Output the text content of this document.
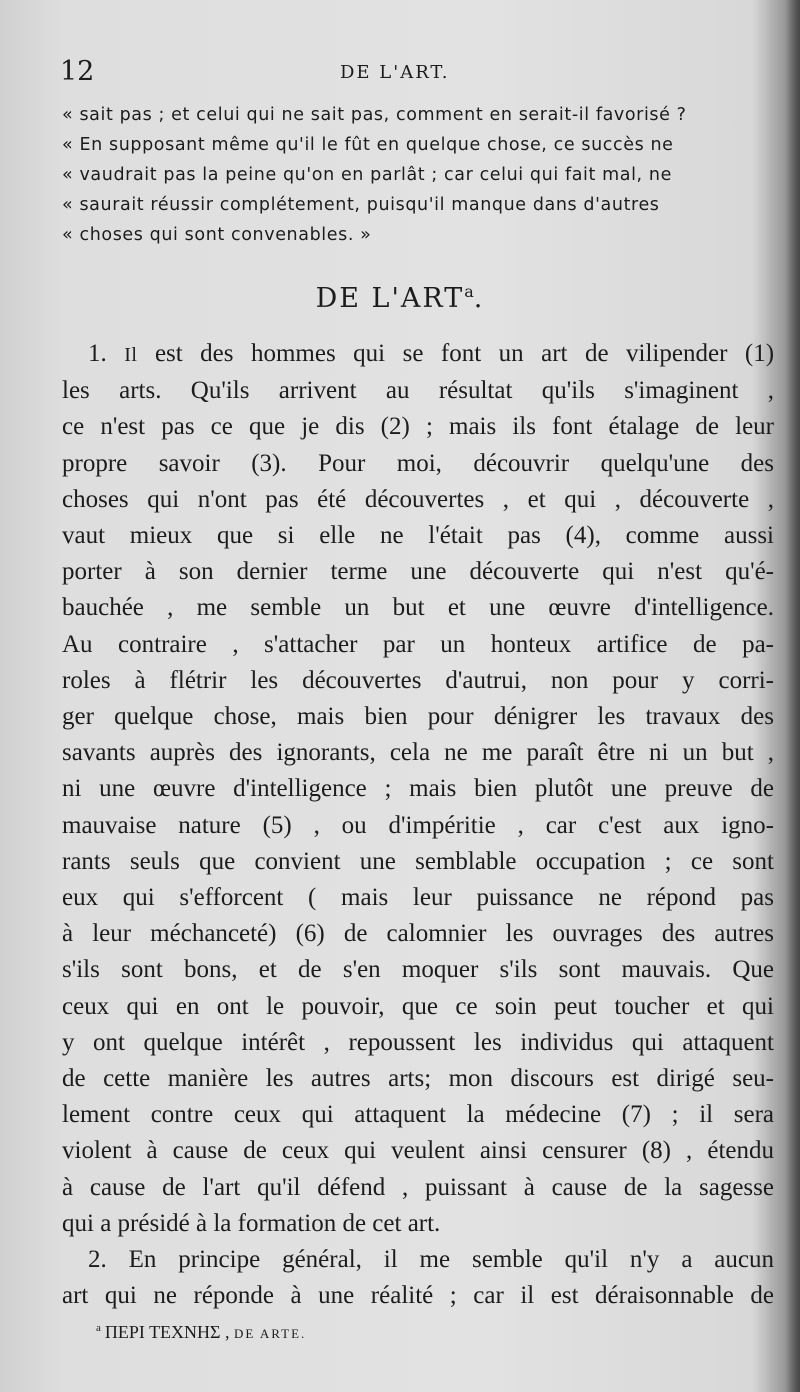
12	DE L'ART.
« sait pas ; et celui qui ne sait pas, comment en serait-il favorisé ?
« En supposant même qu'il le fût en quelque chose, ce succès ne
« vaudrait pas la peine qu'on en parlât ; car celui qui fait mal, ne
« saurait réussir complétement, puisqu'il manque dans d'autres
« choses qui sont convenables. »
DE L'ART$^a$.
1. Il est des hommes qui se font un art de vilipender (1)
les arts. Qu'ils arrivent au résultat qu'ils s'imaginent ,
ce n'est pas ce que je dis (2) ; mais ils font étalage de leur
propre savoir (3). Pour moi, découvrir quelqu'une des
choses qui n'ont pas été découvertes , et qui , découverte ,
vaut mieux que si elle ne l'était pas (4), comme aussi
porter à son dernier terme une découverte qui n'est qu'é-
bauchée , me semble un but et une œuvre d'intelligence.
Au contraire , s'attacher par un honteux artifice de pa-
roles à flétrir les découvertes d'autrui, non pour y corri-
ger quelque chose, mais bien pour dénigrer les travaux des
savants auprès des ignorants, cela ne me paraît être ni un but ,
ni une œuvre d'intelligence ; mais bien plutôt une preuve de
mauvaise nature (5) , ou d'impéritie , car c'est aux igno-
rants seuls que convient une semblable occupation ; ce sont
eux qui s'efforcent ( mais leur puissance ne répond pas
à leur méchanceté) (6) de calomnier les ouvrages des autres
s'ils sont bons, et de s'en moquer s'ils sont mauvais. Que
ceux qui en ont le pouvoir, que ce soin peut toucher et qui
y ont quelque intérêt , repoussent les individus qui attaquent
de cette manière les autres arts; mon discours est dirigé seu-
lement contre ceux qui attaquent la médecine (7) ; il sera
violent à cause de ceux qui veulent ainsi censurer (8) , étendu
à cause de l'art qu'il défend , puissant à cause de la sagesse
qui a présidé à la formation de cet art.
2. En principe général, il me semble qu'il n'y a aucun
art qui ne réponde à une réalité ; car il est déraisonnable de
$^a$ ΠΕΡΙ ΤΕΧΝΗΣ , DE ARTE.
